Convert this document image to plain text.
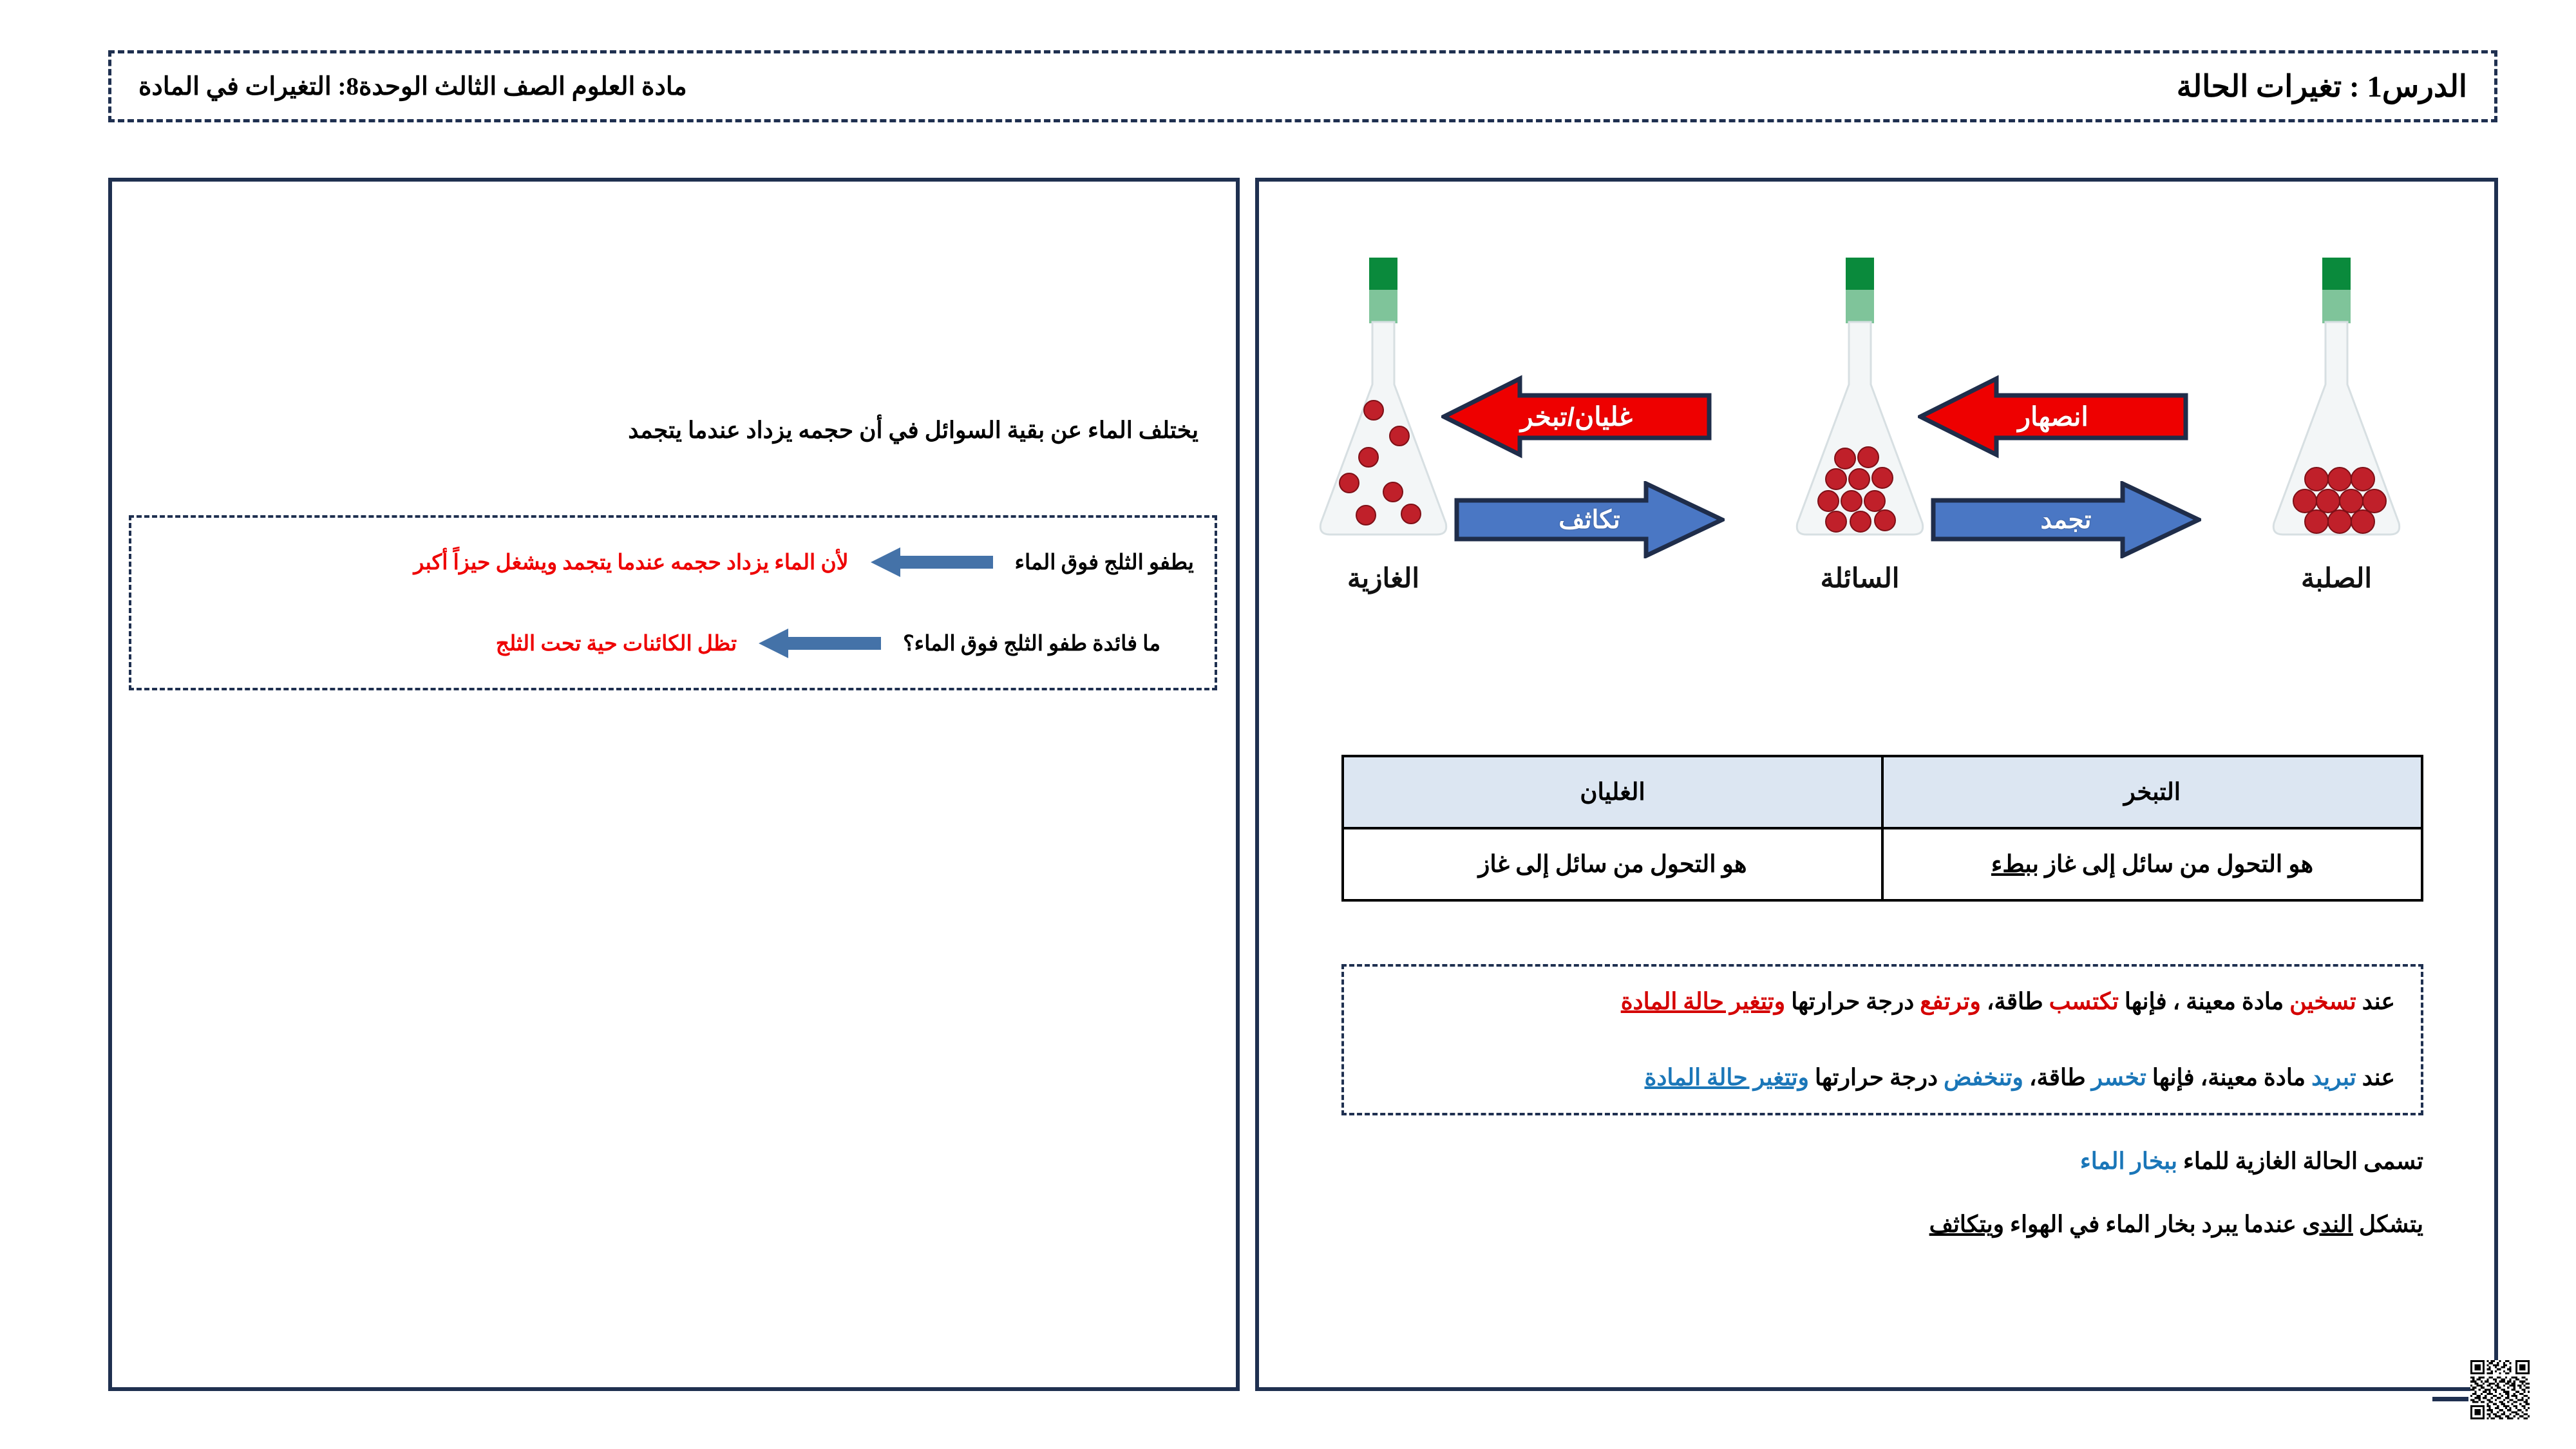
الدرس1 : تغيرات الحالة
مادة العلوم الصف الثالث الوحدة8: التغيرات في المادة
يختلف الماء عن بقية السوائل في أن حجمه يزداد عندما يتجمد
يطفو الثلج فوق الماء
لأن الماء يزداد حجمه عندما يتجمد ويشغل حيزاً أكبر
ما فائدة طفو الثلج فوق الماء؟
تظل الكائنات حية تحت الثلج
الغازية	السائلة	الصلبة
غليان/تبخر	انصهار
تكاثف	تجمد
التبخر	الغليان
هو التحول من سائل إلى غاز ببطء	هو التحول من سائل إلى غاز
عند تسخين مادة معينة ، فإنها تكتسب طاقة، وترتفع درجة حرارتها وتتغير حالة المادة
عند تبريد مادة معينة، فإنها تخسر طاقة، وتنخفض درجة حرارتها وتتغير حالة المادة
تسمى الحالة الغازية للماء ببخار الماء
يتشكل الندى عندما يبرد بخار الماء في الهواء ويتكاثف
